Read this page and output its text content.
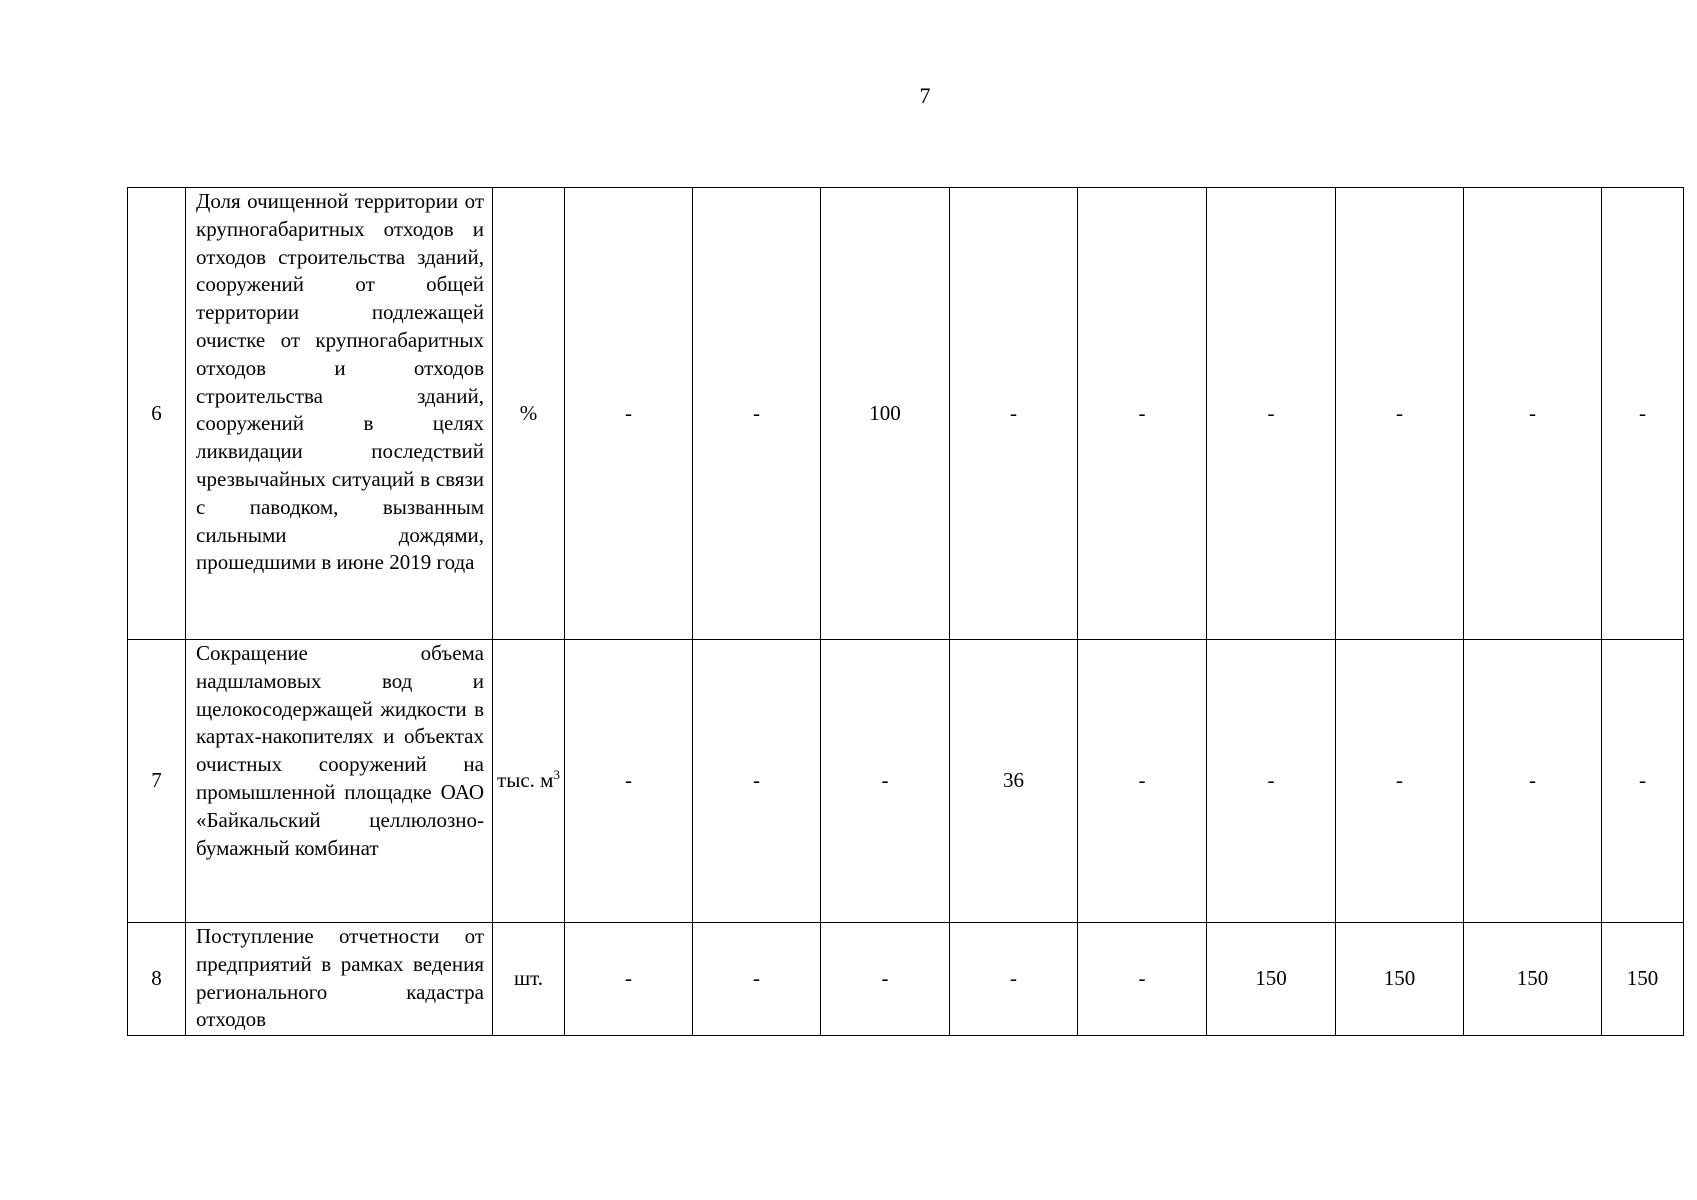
7
6	Доля очищенной территории от крупногабаритных отходов и отходов строительства зданий, сооружений от общей территории подлежащей очистке от крупногабаритных отходов и отходов строительства зданий, сооружений в целях ликвидации последствий чрезвычайных ситуаций в связи с паводком, вызванным сильными дождями, прошедшими в июне 2019 года	%	-	-	100	-	-	-	-	-	-
7	Сокращение объема надшламовых вод и щелокосодержащей жидкости в картах-накопителях и объектах очистных сооружений на промышленной площадке ОАО «Байкальский целлюлозно-бумажный комбинат	тыс. $м^3$	-	-	-	36	-	-	-	-	-
8	Поступление отчетности от предприятий в рамках ведения регионального кадастра отходов	шт.	-	-	-	-	-	150	150	150	150
